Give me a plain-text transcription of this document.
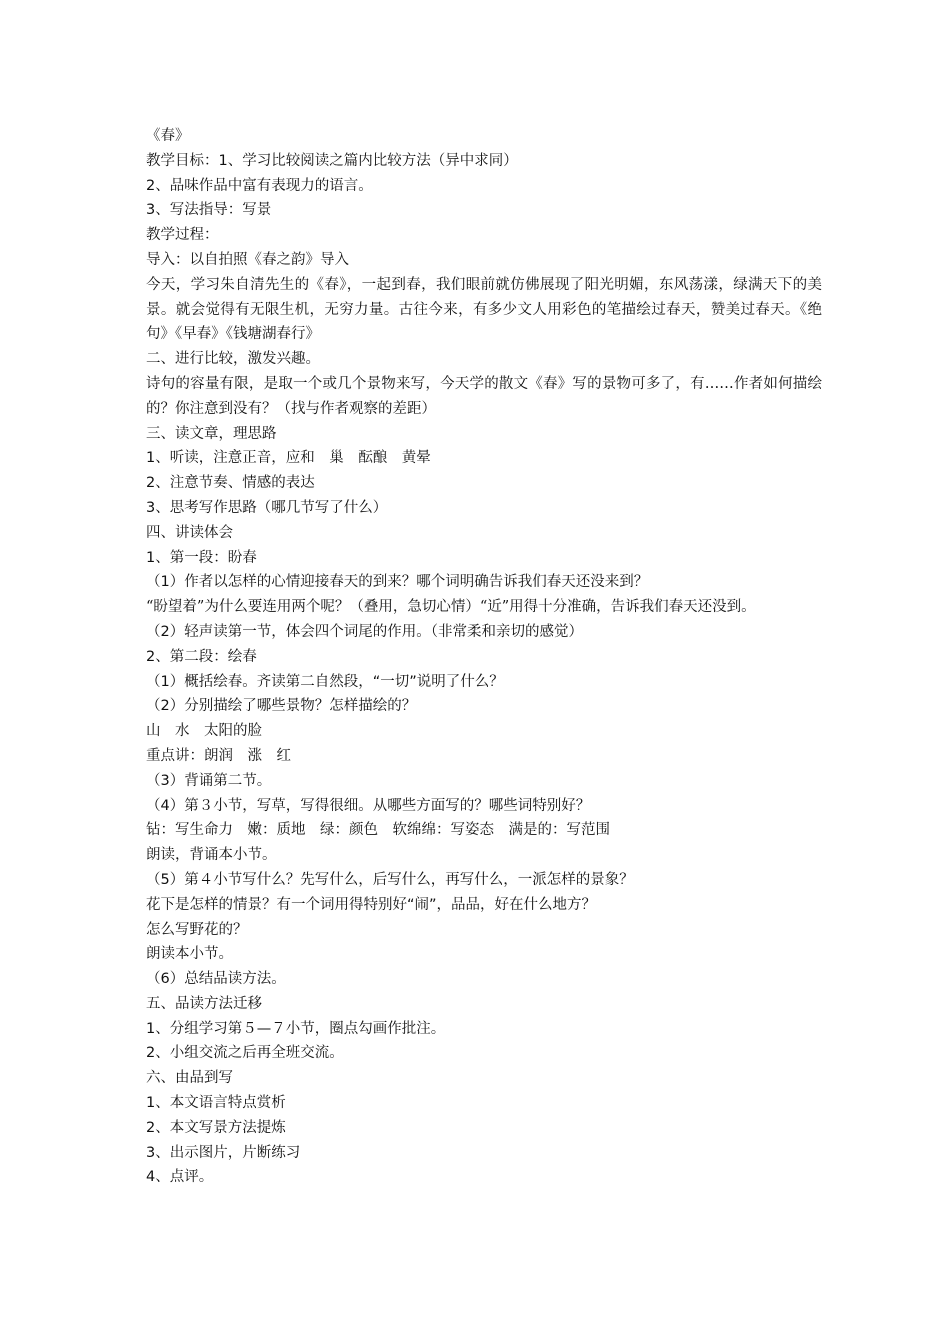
《春》

教学目标：1、学习比较阅读之篇内比较方法（异中求同）

2、品味作品中富有表现力的语言。

3、写法指导：写景

教学过程：

导入：以自拍照《春之韵》导入

今天，学习朱自清先生的《春》，一起到春，我们眼前就仿佛展现了阳光明媚，东风荡漾，绿满天下的美景。就会觉得有无限生机，无穷力量。古往今来，有多少文人用彩色的笔描绘过春天，赞美过春天。《绝句》《早春》《钱塘湖春行》

二、进行比较，激发兴趣。

诗句的容量有限，是取一个或几个景物来写，今天学的散文《春》写的景物可多了，有……作者如何描绘的？你注意到没有？（找与作者观察的差距）

三、读文章，理思路

1、听读，注意正音，应和　巢　酝酿　黄晕

2、注意节奏、情感的表达

3、思考写作思路（哪几节写了什么）

四、讲读体会

1、第一段：盼春

（1）作者以怎样的心情迎接春天的到来？哪个词明确告诉我们春天还没来到？

“盼望着”为什么要连用两个呢？（叠用，急切心情）“近”用得十分准确，告诉我们春天还没到。

（2）轻声读第一节，体会四个词尾的作用。（非常柔和亲切的感觉）

2、第二段：绘春

（1）概括绘春。齐读第二自然段，“一切”说明了什么？

（2）分别描绘了哪些景物？怎样描绘的？

山　水　太阳的脸

重点讲：朗润　涨　红

（3）背诵第二节。

（4）第３小节，写草，写得很细。从哪些方面写的？哪些词特别好？

钻：写生命力　嫩：质地　绿：颜色　软绵绵：写姿态　满是的：写范围

朗读，背诵本小节。

（5）第４小节写什么？先写什么，后写什么，再写什么，一派怎样的景象？

花下是怎样的情景？有一个词用得特别好“闹”，品品，好在什么地方？

怎么写野花的？

朗读本小节。

（6）总结品读方法。

五、品读方法迁移

1、分组学习第５—７小节，圈点勾画作批注。

2、小组交流之后再全班交流。

六、由品到写

1、本文语言特点赏析

2、本文写景方法提炼

3、出示图片，片断练习

4、点评。
